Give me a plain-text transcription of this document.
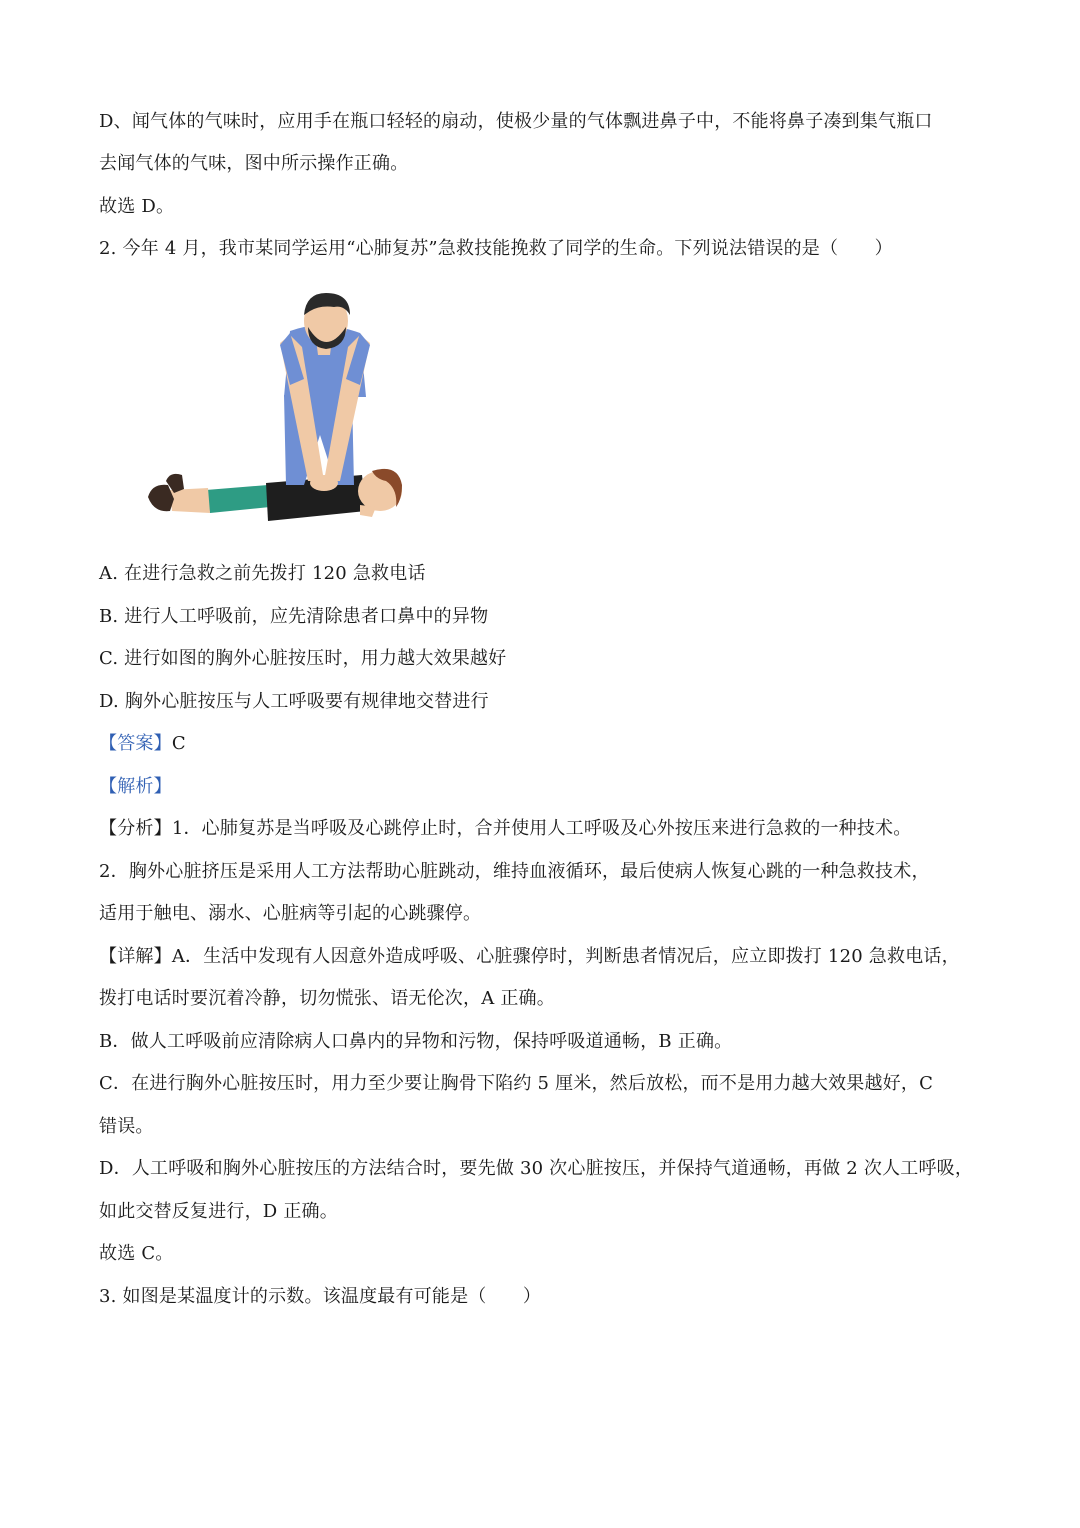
D、闻气体的气味时，应用手在瓶口轻轻的扇动，使极少量的气体飘进鼻子中，不能将鼻子凑到集气瓶口
去闻气体的气味，图中所示操作正确。
故选 D。
2. 今年 4 月，我市某同学运用“心肺复苏”急救技能挽救了同学的生命。下列说法错误的是（　　）
A. 在进行急救之前先拨打 120 急救电话
B. 进行人工呼吸前，应先清除患者口鼻中的异物
C. 进行如图的胸外心脏按压时，用力越大效果越好
D. 胸外心脏按压与人工呼吸要有规律地交替进行
【答案】C
【解析】
【分析】1．心肺复苏是当呼吸及心跳停止时，合并使用人工呼吸及心外按压来进行急救的一种技术。
2．胸外心脏挤压是采用人工方法帮助心脏跳动，维持血液循环，最后使病人恢复心跳的一种急救技术，
适用于触电、溺水、心脏病等引起的心跳骤停。
【详解】A．生活中发现有人因意外造成呼吸、心脏骤停时，判断患者情况后，应立即拨打 120 急救电话，
拨打电话时要沉着冷静，切勿慌张、语无伦次，A 正确。
B．做人工呼吸前应清除病人口鼻内的异物和污物，保持呼吸道通畅，B 正确。
C．在进行胸外心脏按压时，用力至少要让胸骨下陷约 5 厘米，然后放松，而不是用力越大效果越好，C
错误。
D．人工呼吸和胸外心脏按压的方法结合时，要先做 30 次心脏按压，并保持气道通畅，再做 2 次人工呼吸，
如此交替反复进行，D 正确。
故选 C。
3. 如图是某温度计的示数。该温度最有可能是（　　）
